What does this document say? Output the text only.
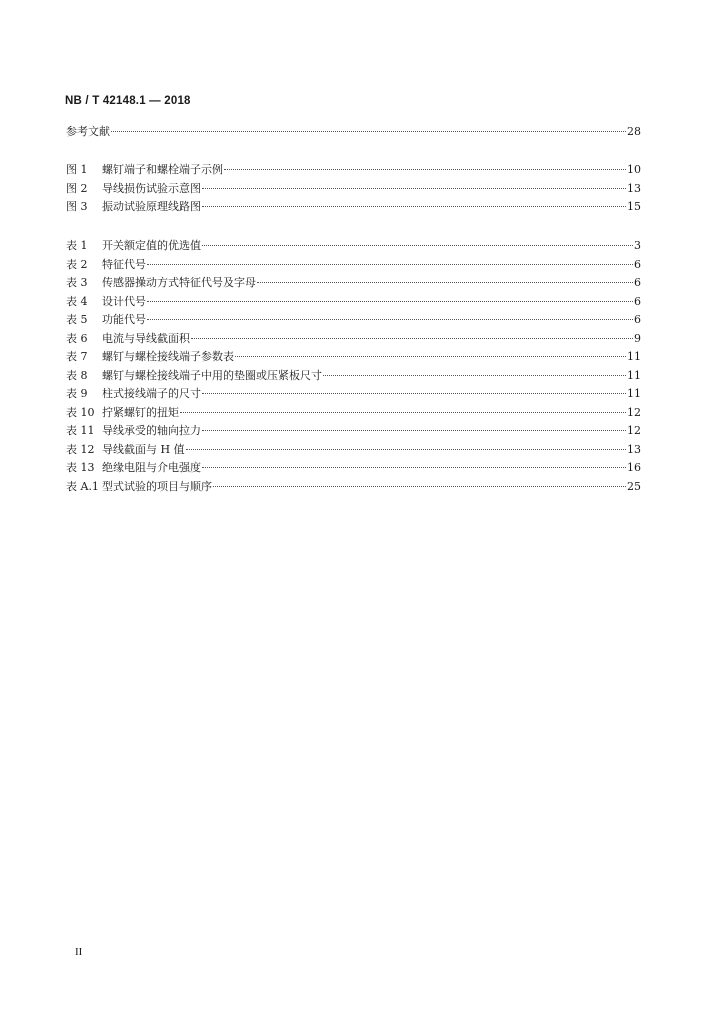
NB / T 42148.1 — 2018
参考文献	28
图 1	螺钉端子和螺栓端子示例	10
图 2	导线损伤试验示意图	13
图 3	振动试验原理线路图	15
表 1	开关额定值的优选值	3
表 2	特征代号	6
表 3	传感器操动方式特征代号及字母	6
表 4	设计代号	6
表 5	功能代号	6
表 6	电流与导线截面积	9
表 7	螺钉与螺栓接线端子参数表	11
表 8	螺钉与螺栓接线端子中用的垫圈或压紧板尺寸	11
表 9	柱式接线端子的尺寸	11
表 10 拧紧螺钉的扭矩	12
表 11 导线承受的轴向拉力	12
表 12 导线截面与 H 值	13
表 13 绝缘电阻与介电强度	16
表 A.1 型式试验的项目与顺序	25
II
